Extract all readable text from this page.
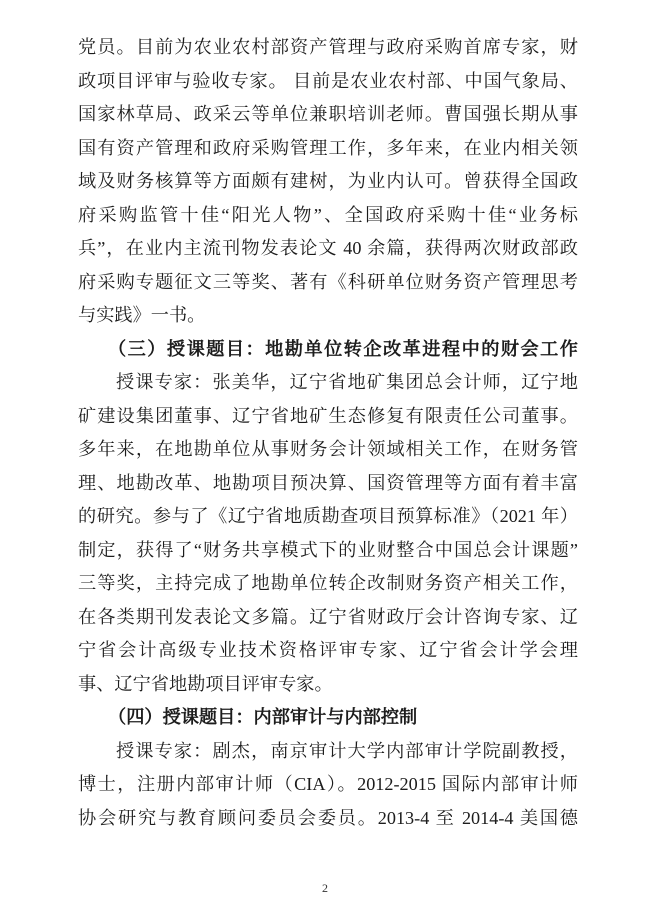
党员。目前为农业农村部资产管理与政府采购首席专家，财
政项目评审与验收专家。 目前是农业农村部、中国气象局、
国家林草局、政采云等单位兼职培训老师。曹国强长期从事
国有资产管理和政府采购管理工作，多年来，在业内相关领
域及财务核算等方面颇有建树，为业内认可。曾获得全国政
府采购监管十佳“阳光人物”、全国政府采购十佳“业务标
兵”，在业内主流刊物发表论文 40 余篇，获得两次财政部政
府采购专题征文三等奖、著有《科研单位财务资产管理思考
与实践》一书。
（三）授课题目：地勘单位转企改革进程中的财会工作
授课专家：张美华，辽宁省地矿集团总会计师，辽宁地
矿建设集团董事、辽宁省地矿生态修复有限责任公司董事。
多年来，在地勘单位从事财务会计领域相关工作，在财务管
理、地勘改革、地勘项目预决算、国资管理等方面有着丰富
的研究。参与了《辽宁省地质勘查项目预算标准》（2021 年）
制定，获得了“财务共享模式下的业财整合中国总会计课题”
三等奖，主持完成了地勘单位转企改制财务资产相关工作，
在各类期刊发表论文多篇。辽宁省财政厅会计咨询专家、辽
宁省会计高级专业技术资格评审专家、辽宁省会计学会理
事、辽宁省地勘项目评审专家。
（四）授课题目：内部审计与内部控制
授课专家：剧杰，南京审计大学内部审计学院副教授，
博士，注册内部审计师（CIA）。2012-2015 国际内部审计师
协会研究与教育顾问委员会委员。2013-4 至 2014-4 美国德
2
